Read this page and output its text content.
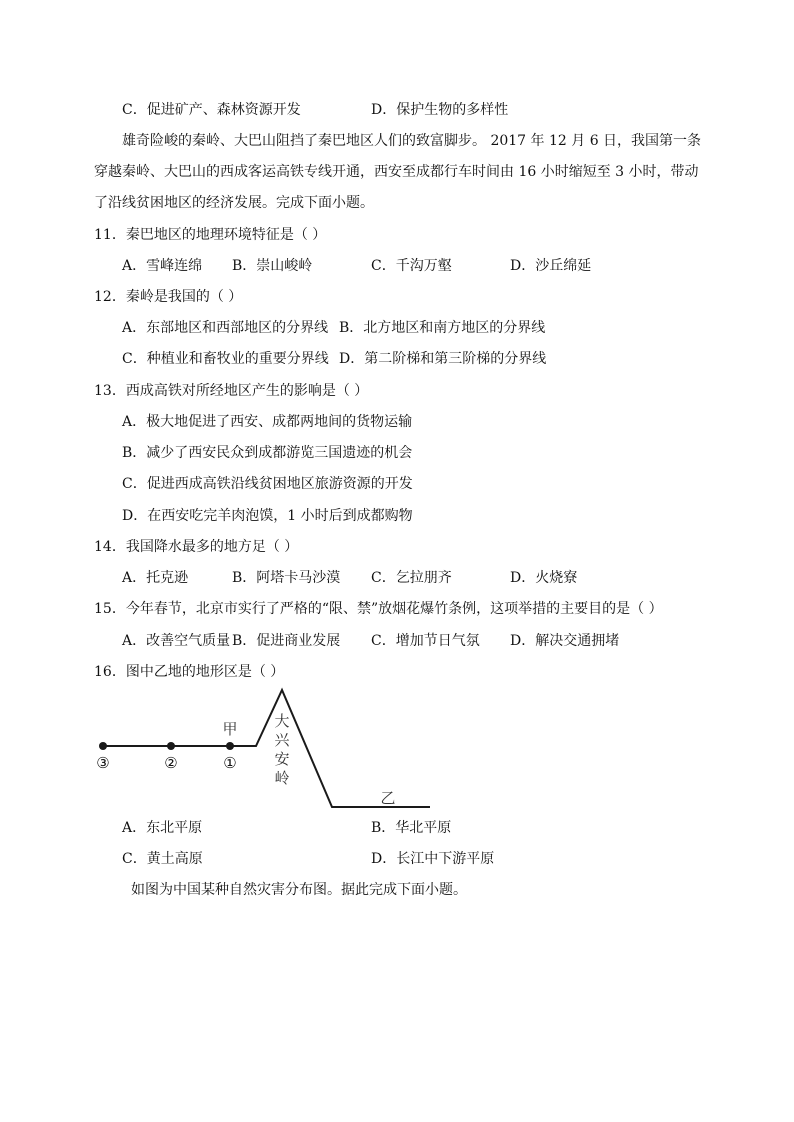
C．促进矿产、森林资源开发	D．保护生物的多样性
雄奇险峻的秦岭、大巴山阻挡了秦巴地区人们的致富脚步。 2017 年 12 月 6 日，我国第一条穿越秦岭、大巴山的西成客运高铁专线开通，西安至成都行车时间由 16 小时缩短至 3 小时，带动了沿线贫困地区的经济发展。完成下面小题。
11．秦巴地区的地理环境特征是（ ）
A．雪峰连绵 B．崇山峻岭	C．千沟万壑	D．沙丘绵延
12．秦岭是我国的（ ）
A．东部地区和西部地区的分界线 B．北方地区和南方地区的分界线
C．种植业和畜牧业的重要分界线 D．第二阶梯和第三阶梯的分界线
13．西成高铁对所经地区产生的影响是（ ）
A．极大地促进了西安、成都两地间的货物运输
B．减少了西安民众到成都游览三国遗迹的机会
C．促进西成高铁沿线贫困地区旅游资源的开发
D．在西安吃完羊肉泡馍，1 小时后到成都购物
14．我国降水最多的地方足（ ）
A．托克逊	B．阿塔卡马沙漠 C．乞拉朋齐	D．火烧寮
15．今年春节，北京市实行了严格的“限、禁”放烟花爆竹条例，这项举措的主要目的是（ ）
A．改善空气质量 B．促进商业发展 C．增加节日气氛 D．解决交通拥堵
16．图中乙地的地形区是（ ）
③	②	①
甲 大
兴
安
岭
乙
A．东北平原	B．华北平原
C．黄土高原	D．长江中下游平原
如图为中国某种自然灾害分布图。据此完成下面小题。
